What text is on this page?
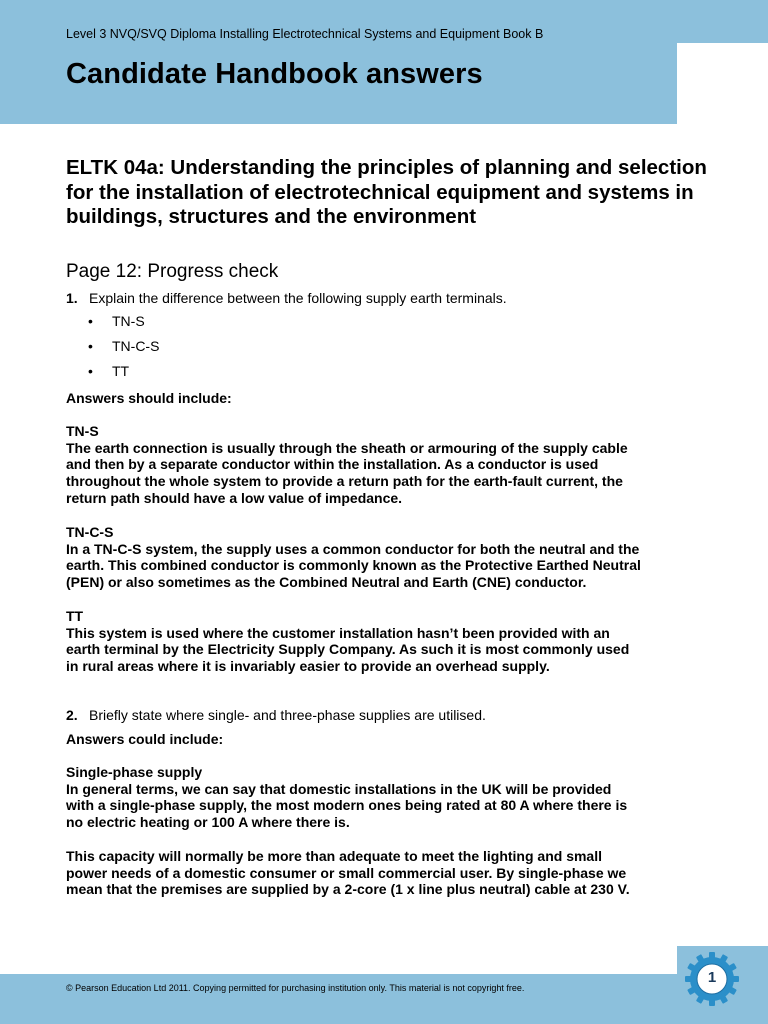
Level 3 NVQ/SVQ Diploma Installing Electrotechnical Systems and Equipment Book B
Candidate Handbook answers
ELTK 04a: Understanding the principles of planning and selection for the installation of electrotechnical equipment and systems in buildings, structures and the environment
Page 12: Progress check
1. Explain the difference between the following supply earth terminals.
• TN-S
• TN-C-S
• TT
Answers should include:
TN-S
The earth connection is usually through the sheath or armouring of the supply cable
and then by a separate conductor within the installation. As a conductor is used
throughout the whole system to provide a return path for the earth-fault current, the
return path should have a low value of impedance.
TN-C-S
In a TN-C-S system, the supply uses a common conductor for both the neutral and the
earth. This combined conductor is commonly known as the Protective Earthed Neutral
(PEN) or also sometimes as the Combined Neutral and Earth (CNE) conductor.
TT
This system is used where the customer installation hasn’t been provided with an
earth terminal by the Electricity Supply Company. As such it is most commonly used
in rural areas where it is invariably easier to provide an overhead supply.
2. Briefly state where single- and three-phase supplies are utilised.
Answers could include:
Single-phase supply
In general terms, we can say that domestic installations in the UK will be provided
with a single-phase supply, the most modern ones being rated at 80 A where there is
no electric heating or 100 A where there is.
This capacity will normally be more than adequate to meet the lighting and small
power needs of a domestic consumer or small commercial user. By single-phase we
mean that the premises are supplied by a 2-core (1 x line plus neutral) cable at 230 V.
© Pearson Education Ltd 2011. Copying permitted for purchasing institution only. This material is not copyright free.
1
